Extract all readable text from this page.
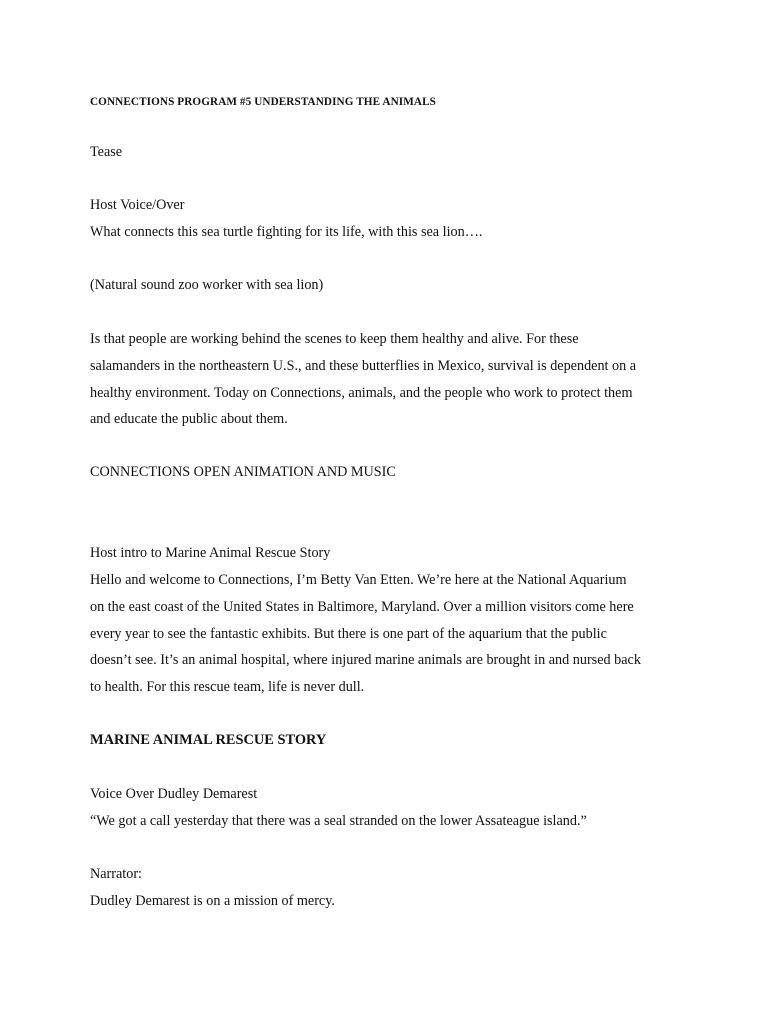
CONNECTIONS PROGRAM #5 UNDERSTANDING THE ANIMALS
Tease
Host Voice/Over
What connects this sea turtle fighting for its life, with this sea lion….
(Natural sound zoo worker with sea lion)
Is that people are working behind the scenes to keep them healthy and alive. For these
salamanders in the northeastern U.S., and these butterflies in Mexico, survival is dependent on a
healthy environment. Today on Connections, animals, and the people who work to protect them
and educate the public about them.
CONNECTIONS OPEN ANIMATION AND MUSIC
Host intro to Marine Animal Rescue Story
Hello and welcome to Connections, I’m Betty Van Etten. We’re here at the National Aquarium
on the east coast of the United States in Baltimore, Maryland. Over a million visitors come here
every year to see the fantastic exhibits. But there is one part of the aquarium that the public
doesn’t see. It’s an animal hospital, where injured marine animals are brought in and nursed back
to health. For this rescue team, life is never dull.
MARINE ANIMAL RESCUE STORY
Voice Over Dudley Demarest
“We got a call yesterday that there was a seal stranded on the lower Assateague island.”
Narrator:
Dudley Demarest is on a mission of mercy.
